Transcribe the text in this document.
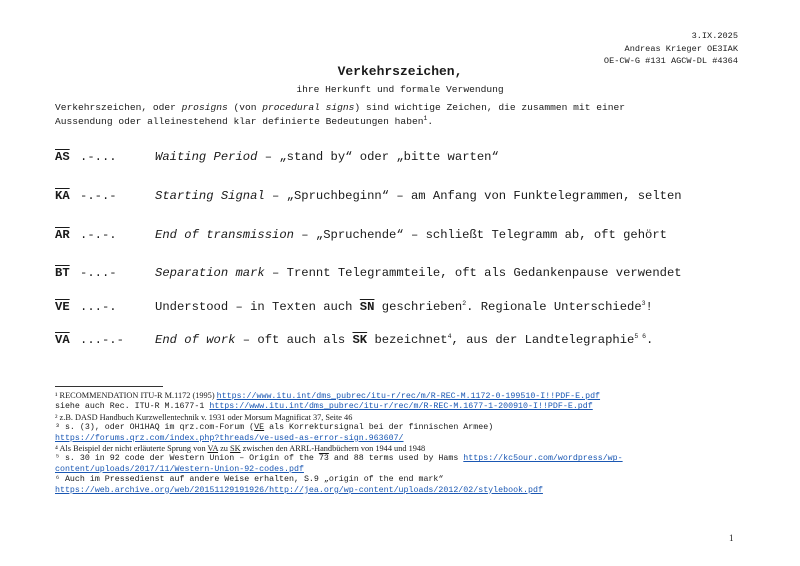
3.IX.2025
Andreas Krieger OE3IAK
OE-CW-G #131 AGCW-DL #4364
Verkehrszeichen,
ihre Herkunft und formale Verwendung
Verkehrszeichen, oder prosigns (von procedural signs) sind wichtige Zeichen, die zusammen mit einer
Aussendung oder alleinestehend klar definierte Bedeutungen haben$^1$.
$\overline{AS}$ .-...	Waiting Period – „stand by“ oder „bitte warten“
$\overline{KA}$ -.-.-	Starting Signal – „Spruchbeginn“ – am Anfang von Funktelegrammen, selten
$\overline{AR}$ .-.-.	End of transmission – „Spruchende“ – schließt Telegramm ab, oft gehört
$\overline{BT}$ -...-	Separation mark – Trennt Telegrammteile, oft als Gedankenpause verwendet
$\overline{VE}$ ...-.	Understood – in Texten auch $\overline{SN}$ geschrieben$^2$. Regionale Unterschiede$^3$!
$\overline{VA}$ ...-.-	End of work – oft auch als $\overline{SK}$ bezeichnet$^4$, aus der Landtelegraphie$^{5 6}$.

¹ RECOMMENDATION ITU-R M.1172 (1995) https://www.itu.int/dms_pubrec/itu-r/rec/m/R-REC-M.1172-0-199510-I!!PDF-E.pdf

siehe auch Rec. ITU-R M.1677-1 https://www.itu.int/dms_pubrec/itu-r/rec/m/R-REC-M.1677-1-200910-I!!PDF-E.pdf

² z.B. DASD Handbuch Kurzwellentechnik v. 1931 oder Morsum Magnificat 37, Seite 46

³ s. (3), oder OH1HAQ im qrz.com-Forum (VE als Korrektursignal bei der finnischen Armee)

https://forums.qrz.com/index.php?threads/ve-used-as-error-sign.963607/

⁴ Als Beispiel der nicht erläuterte Sprung von VA zu SK zwischen den ARRL-Handbüchern von 1944 und 1948

⁵ s. 30 in 92 code der Western Union – Origin of the 73 and 88 terms used by Hams https://kc5our.com/wordpress/wp-

content/uploads/2017/11/Western-Union-92-codes.pdf

⁶ Auch im Pressedienst auf andere Weise erhalten, S.9 „origin of the end mark“

https://web.archive.org/web/20151129191926/http://jea.org/wp-content/uploads/2012/02/stylebook.pdf

1
